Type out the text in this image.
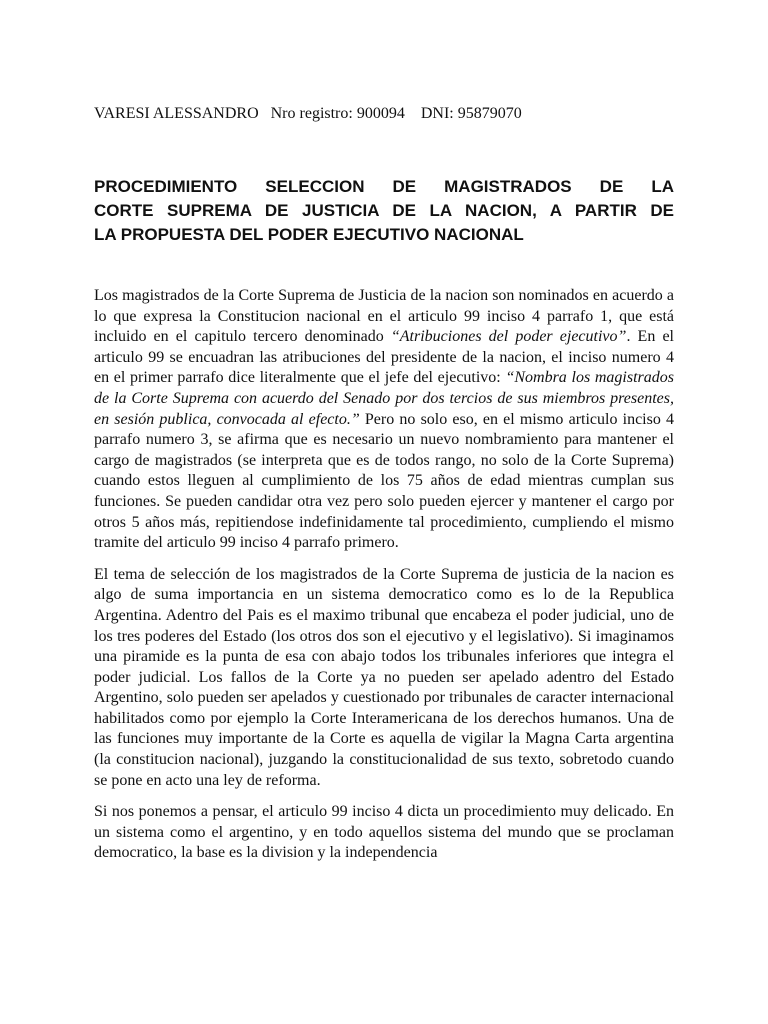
VARESI ALESSANDRO   Nro registro: 900094    DNI: 95879070

PROCEDIMIENTO SELECCION DE MAGISTRADOS DE LA
CORTE SUPREMA DE JUSTICIA DE LA NACION, A PARTIR DE
LA PROPUESTA DEL PODER EJECUTIVO NACIONAL

Los magistrados de la Corte Suprema de Justicia de la nacion son nominados en acuerdo a lo que expresa la Constitucion nacional en el articulo 99 inciso 4 parrafo 1, que está incluido en el capitulo tercero denominado “Atribuciones del poder ejecutivo”. En el articulo 99 se encuadran las atribuciones del presidente de la nacion, el inciso numero 4 en el primer parrafo dice literalmente que el jefe del ejecutivo: “Nombra los magistrados de la Corte Suprema con acuerdo del Senado por dos tercios de sus miembros presentes, en sesión publica, convocada al efecto.” Pero no solo eso, en el mismo articulo inciso 4 parrafo numero 3, se afirma que es necesario un nuevo nombramiento para mantener el cargo de magistrados (se interpreta que es de todos rango, no solo de la Corte Suprema) cuando estos lleguen al cumplimiento de los 75 años de edad mientras cumplan sus funciones. Se pueden candidar otra vez pero solo pueden ejercer y mantener el cargo por otros 5 años más, repitiendose indefinidamente tal procedimiento, cumpliendo el mismo tramite del articulo 99 inciso 4 parrafo primero.

El tema de selección de los magistrados de la Corte Suprema de justicia de la nacion es algo de suma importancia en un sistema democratico como es lo de la Republica Argentina. Adentro del Pais es el maximo tribunal que encabeza el poder judicial, uno de los tres poderes del Estado (los otros dos son el ejecutivo y el legislativo). Si imaginamos una piramide es la punta de esa con abajo todos los tribunales inferiores que integra el poder judicial. Los fallos de la Corte ya no pueden ser apelado adentro del Estado Argentino, solo pueden ser apelados y cuestionado por tribunales de caracter internacional habilitados como por ejemplo la Corte Interamericana de los derechos humanos. Una de las funciones muy importante de la Corte es aquella de vigilar la Magna Carta argentina (la constitucion nacional), juzgando la constitucionalidad de sus texto, sobretodo cuando se pone en acto una ley de reforma.

Si nos ponemos a pensar, el articulo 99 inciso 4 dicta un procedimiento muy delicado. En un sistema como el argentino, y en todo aquellos sistema del mundo que se proclaman democratico, la base es la division y la independencia
